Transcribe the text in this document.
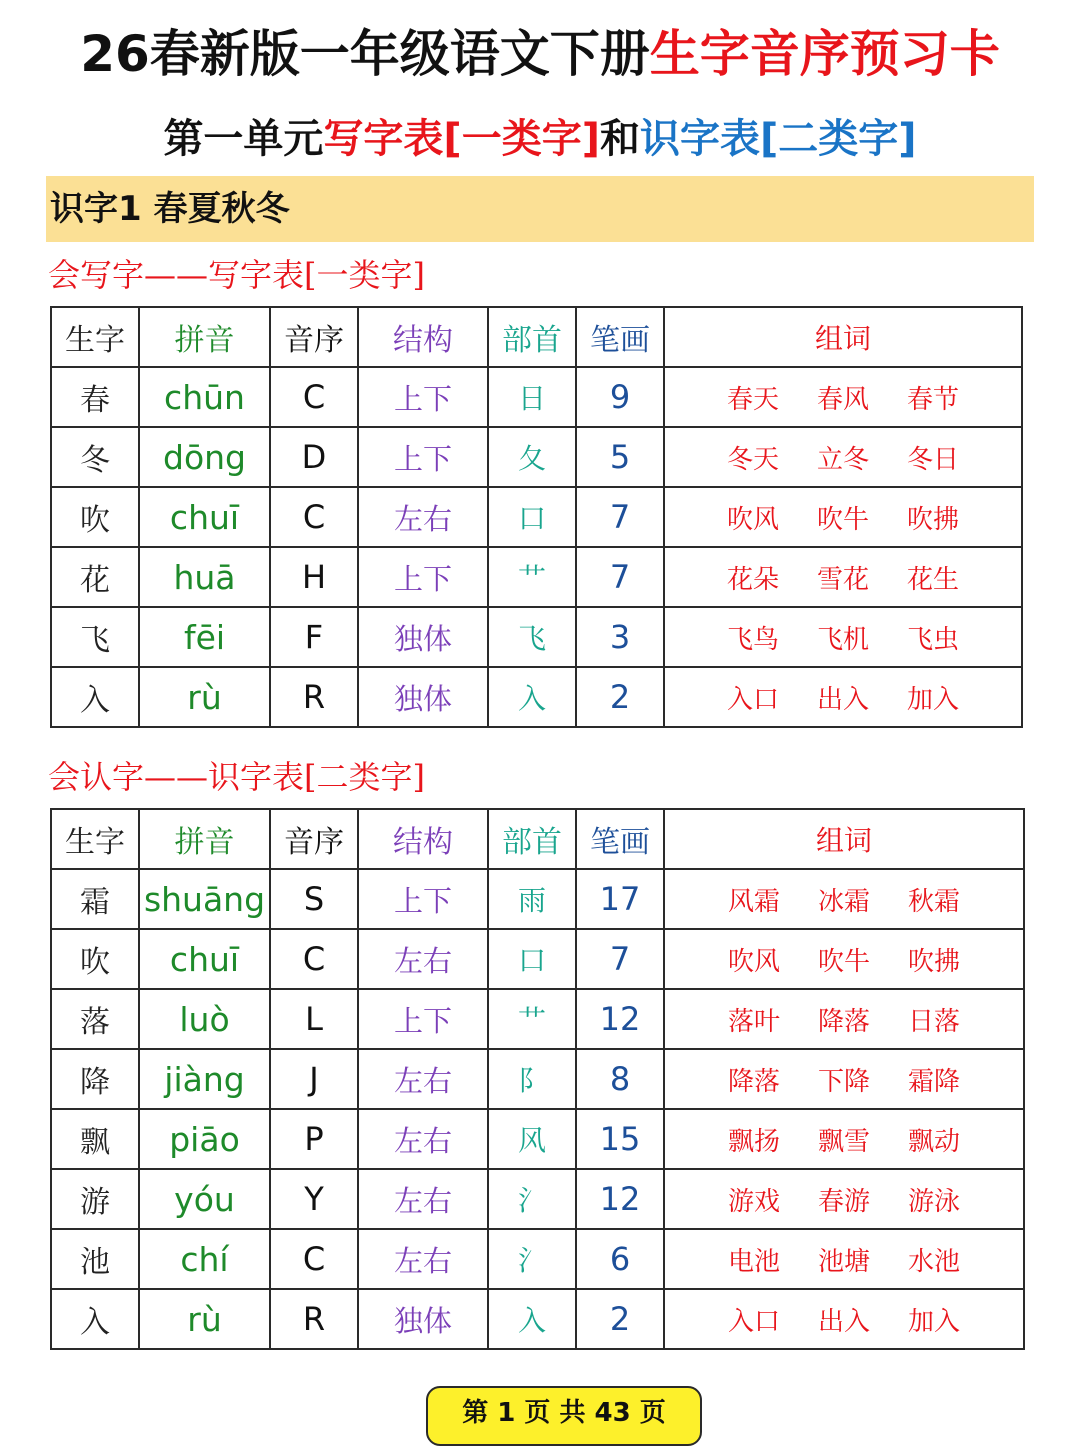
26春新版一年级语文下册生字音序预习卡
第一单元写字表[一类字]和识字表[二类字]
识字1 春夏秋冬
会写字——写字表[一类字]
生字	拼音	音序	结构	部首	笔画	组词
春	chūn	C	上下	日	9	春天 春风 春节
冬	dōng	D	上下	夂	5	冬天 立冬 冬日
吹	chuī	C	左右	口	7	吹风 吹牛 吹拂
花	huā	H	上下	艹	7	花朵 雪花 花生
飞	fēi	F	独体	飞	3	飞鸟 飞机 飞虫
入	rù	R	独体	入	2	入口 出入 加入
会认字——识字表[二类字]
生字	拼音	音序	结构	部首	笔画	组词
霜	shuāng	S	上下	雨	17	风霜 冰霜 秋霜
吹	chuī	C	左右	口	7	吹风 吹牛 吹拂
落	luò	L	上下	艹	12	落叶 降落 日落
降	jiàng	J	左右	阝	8	降落 下降 霜降
飘	piāo	P	左右	风	15	飘扬 飘雪 飘动
游	yóu	Y	左右	氵	12	游戏 春游 游泳
池	chí	C	左右	氵	6	电池 池塘 水池
入	rù	R	独体	入	2	入口 出入 加入
第 1 页 共 43 页
